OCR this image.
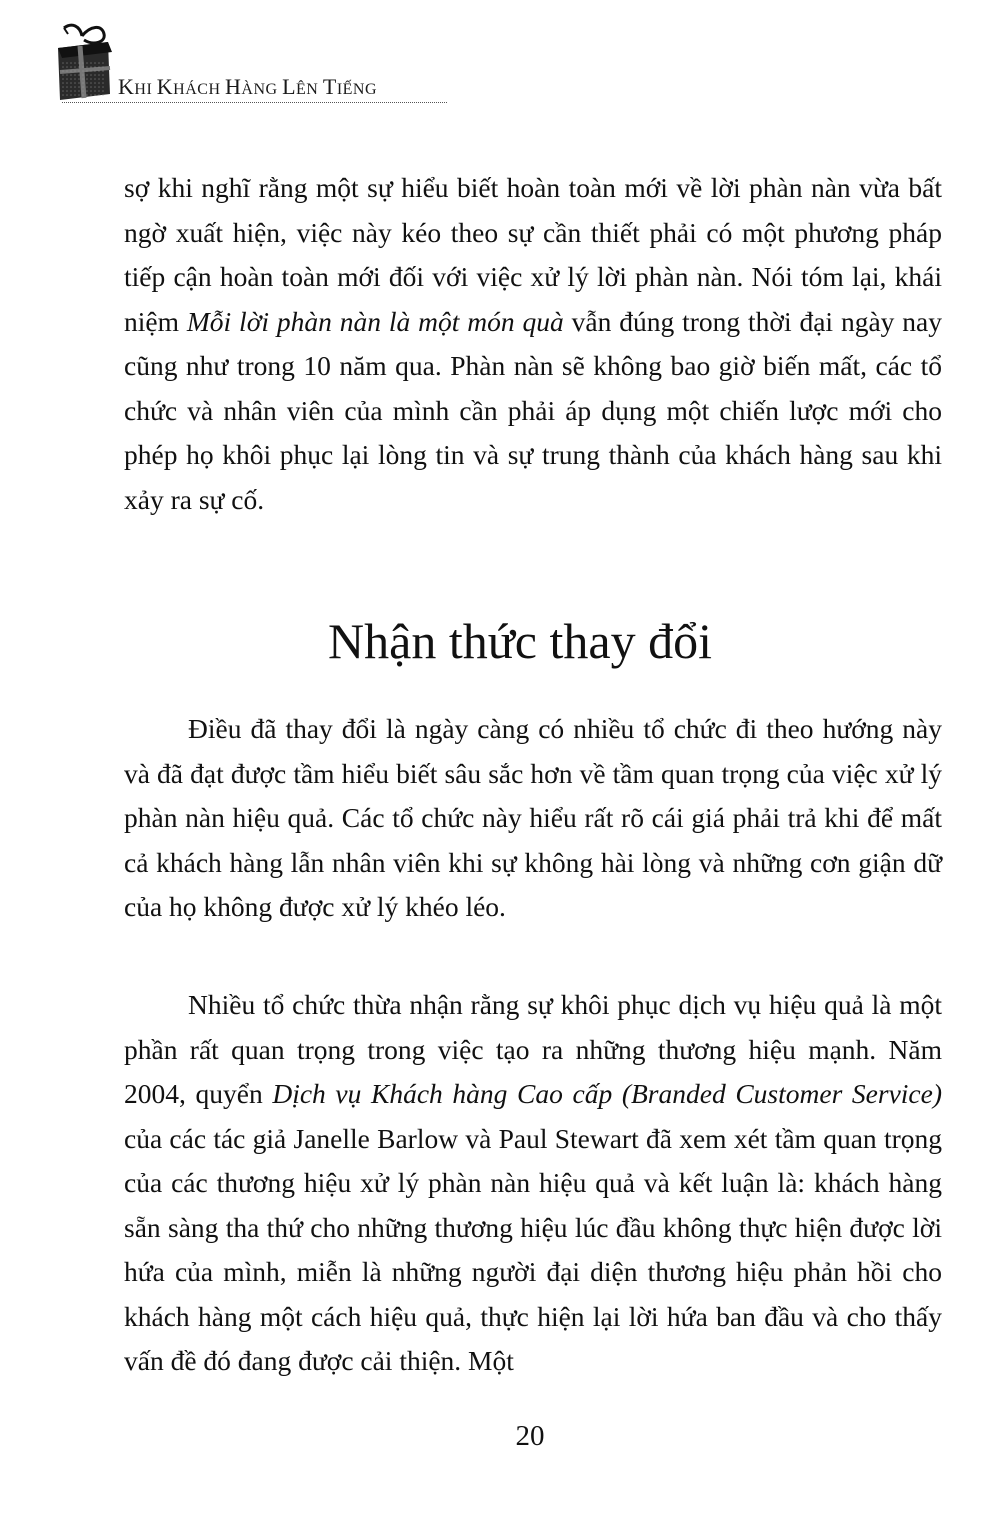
KHI KHÁCH HÀNG LÊN TIẾNG

sợ khi nghĩ rằng một sự hiểu biết hoàn toàn mới về lời phàn nàn vừa bất ngờ xuất hiện, việc này kéo theo sự cần thiết phải có một phương pháp tiếp cận hoàn toàn mới đối với việc xử lý lời phàn nàn. Nói tóm lại, khái niệm Mỗi lời phàn nàn là một món quà vẫn đúng trong thời đại ngày nay cũng như trong 10 năm qua. Phàn nàn sẽ không bao giờ biến mất, các tổ chức và nhân viên của mình cần phải áp dụng một chiến lược mới cho phép họ khôi phục lại lòng tin và sự trung thành của khách hàng sau khi xảy ra sự cố.

Nhận thức thay đổi

Điều đã thay đổi là ngày càng có nhiều tổ chức đi theo hướng này và đã đạt được tầm hiểu biết sâu sắc hơn về tầm quan trọng của việc xử lý phàn nàn hiệu quả. Các tổ chức này hiểu rất rõ cái giá phải trả khi để mất cả khách hàng lẫn nhân viên khi sự không hài lòng và những cơn giận dữ của họ không được xử lý khéo léo.

Nhiều tổ chức thừa nhận rằng sự khôi phục dịch vụ hiệu quả là một phần rất quan trọng trong việc tạo ra những thương hiệu mạnh. Năm 2004, quyển Dịch vụ Khách hàng Cao cấp (Branded Customer Service) của các tác giả Janelle Barlow và Paul Stewart đã xem xét tầm quan trọng của các thương hiệu xử lý phàn nàn hiệu quả và kết luận là: khách hàng sẵn sàng tha thứ cho những thương hiệu lúc đầu không thực hiện được lời hứa của mình, miễn là những người đại diện thương hiệu phản hồi cho khách hàng một cách hiệu quả, thực hiện lại lời hứa ban đầu và cho thấy vấn đề đó đang được cải thiện. Một

20
